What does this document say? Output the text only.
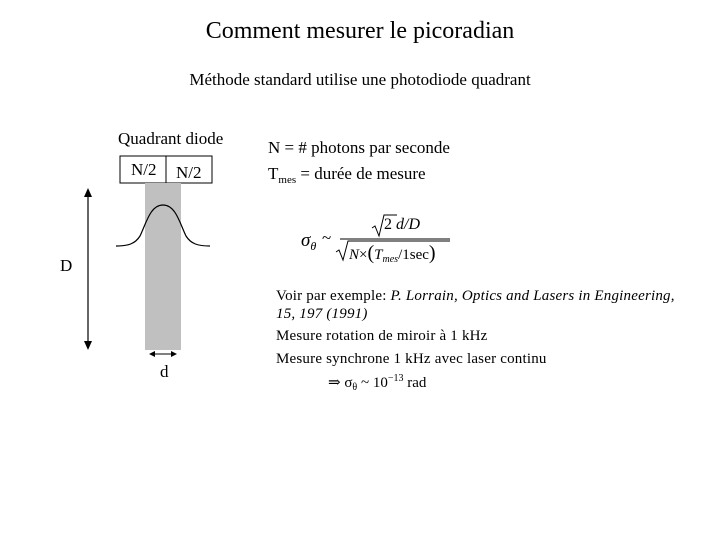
Comment mesurer le picoradian
Méthode standard utilise une photodiode quadrant
Quadrant diode
N/2 N/2
D
d
N = # photons par seconde
$T_{mes}$ = durée de mesure
$\sigma_\theta$ ~
2 d/D
$N\times(T_{mes}/1\sec)$
Voir par exemple: P. Lorrain, Optics and Lasers in Engineering,
15, 197 (1991)
Mesure rotation de miroir à 1 kHz
Mesure synchrone 1 kHz avec laser continu
⇒ $\sigma_\theta$ ~ $10^{-13}$ rad
